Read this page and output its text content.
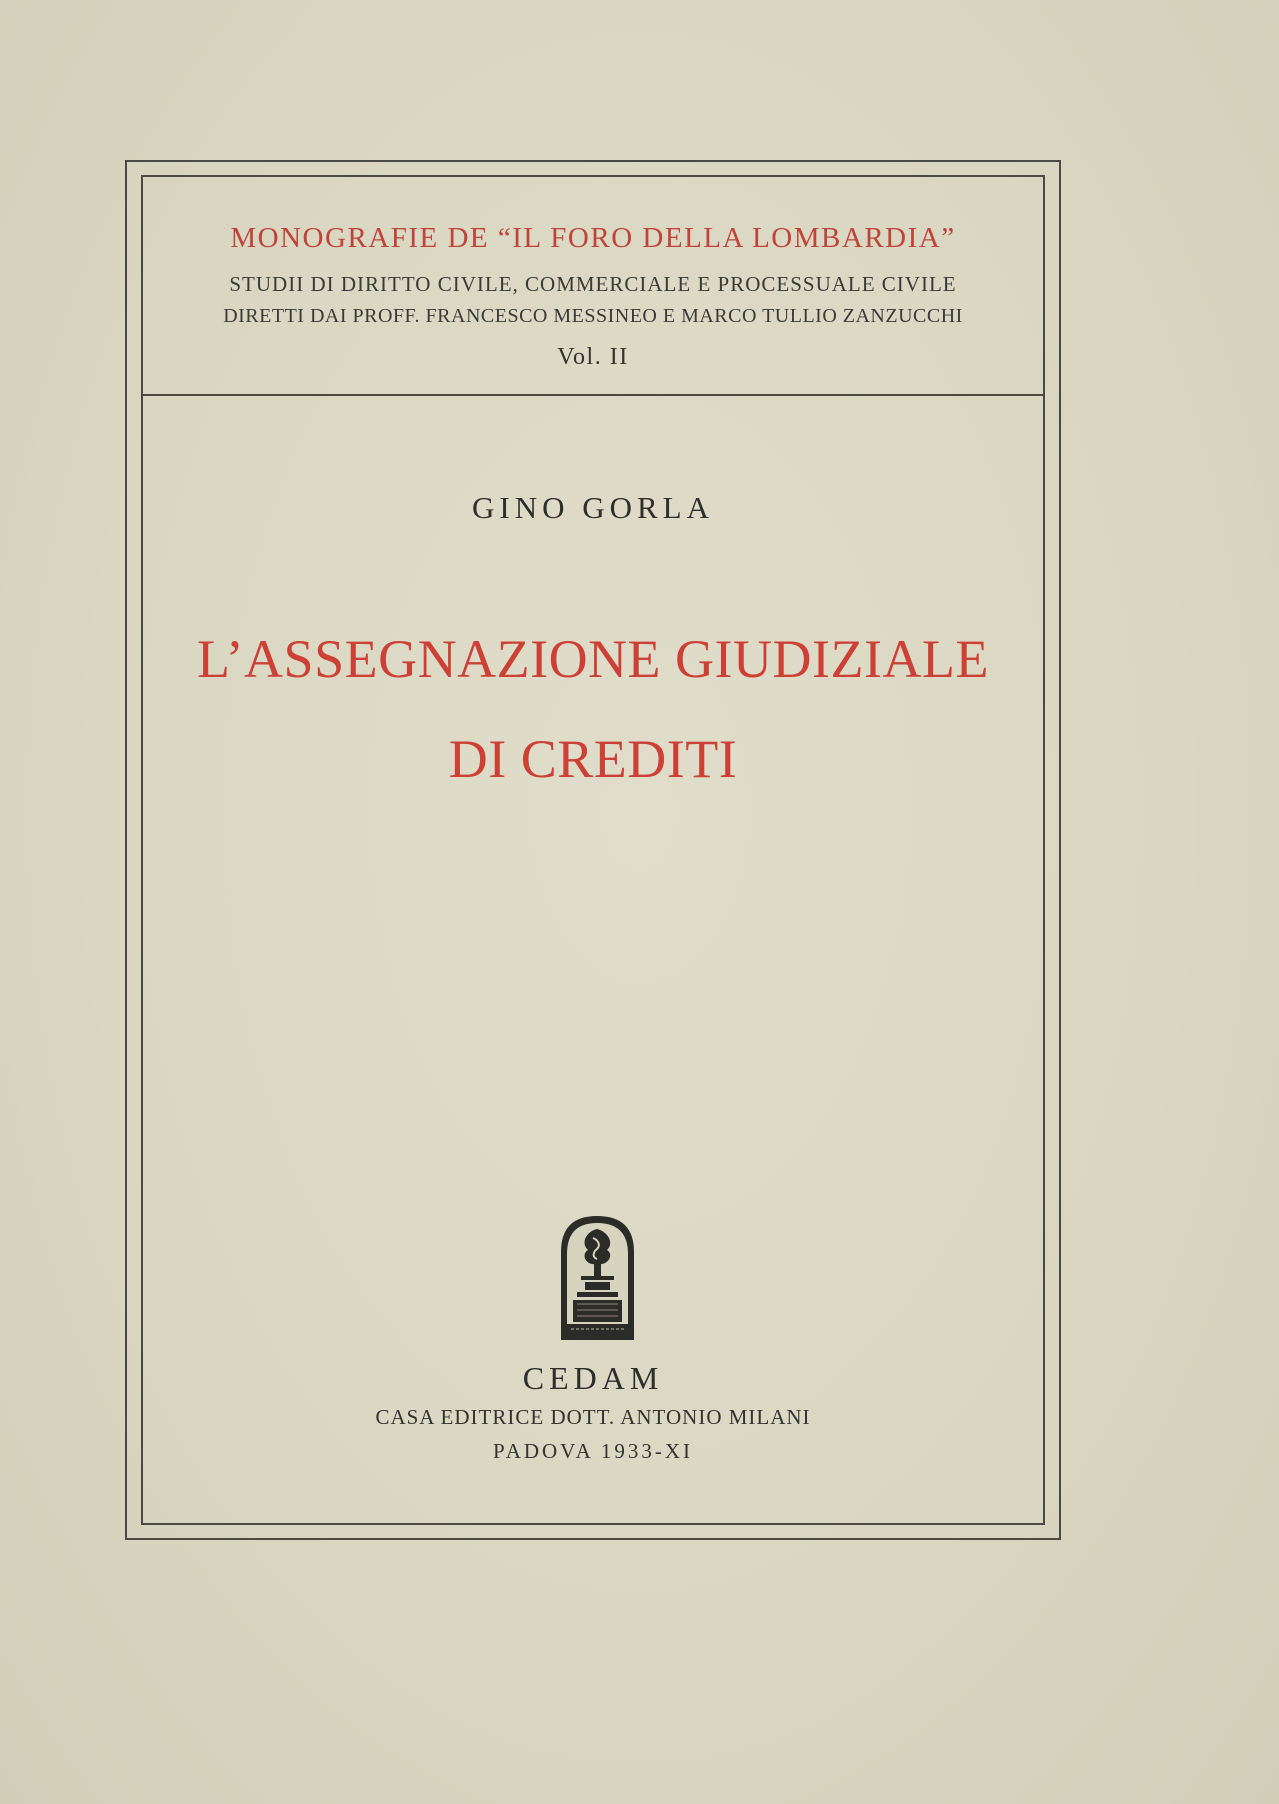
MONOGRAFIE DE “IL FORO DELLA LOMBARDIA”
STUDII DI DIRITTO CIVILE, COMMERCIALE E PROCESSUALE CIVILE
DIRETTI DAI PROFF. FRANCESCO MESSINEO E MARCO TULLIO ZANZUCCHI
Vol. II
GINO GORLA
L’ASSEGNAZIONE GIUDIZIALE
DI CREDITI
CEDAM
CASA EDITRICE DOTT. ANTONIO MILANI
PADOVA 1933-XI
